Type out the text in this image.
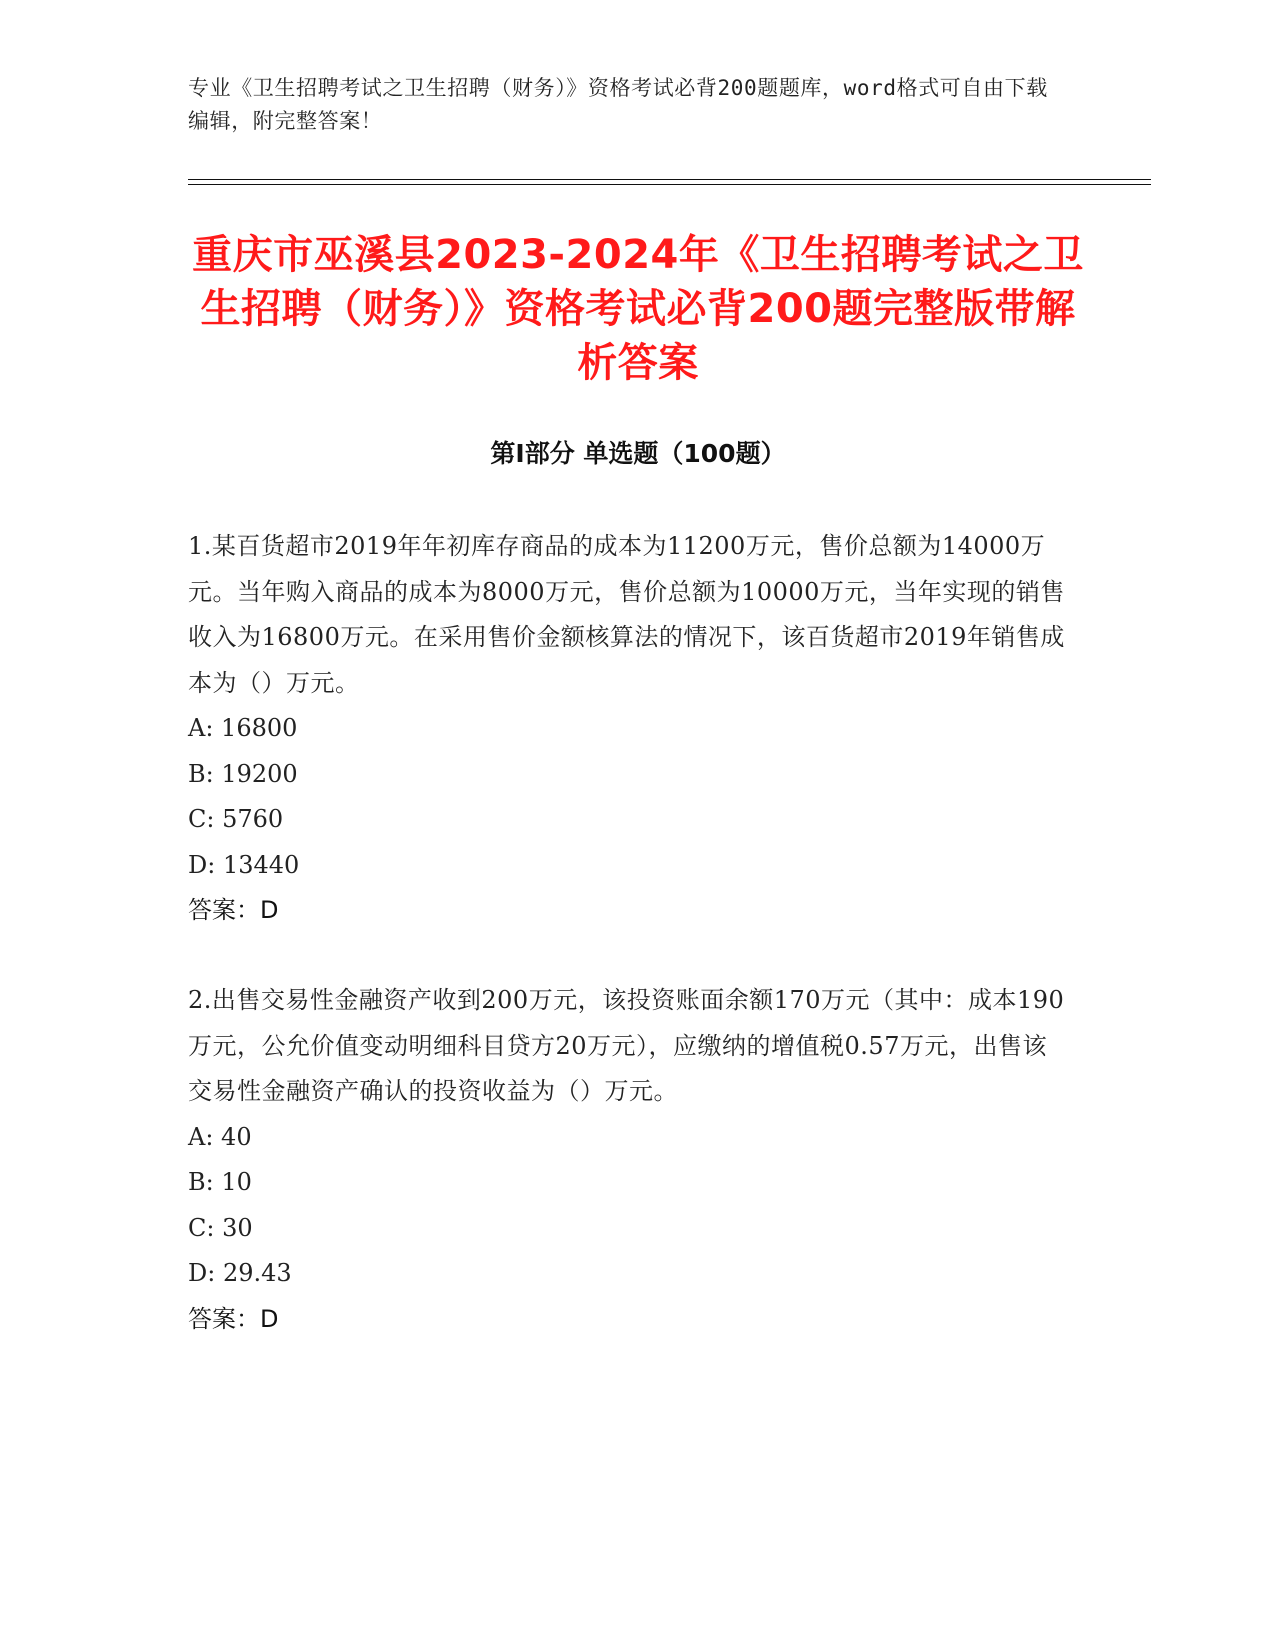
专业《卫生招聘考试之卫生招聘（财务）》资格考试必背200题题库，word格式可自由下载编辑，附完整答案！
重庆市巫溪县2023-2024年《卫生招聘考试之卫生招聘（财务）》资格考试必背200题完整版带解析答案
第Ⅰ部分 单选题（100题）

1.某百货超市2019年年初库存商品的成本为11200万元，售价总额为14000万元。当年购入商品的成本为8000万元，售价总额为10000万元，当年实现的销售收入为16800万元。在采用售价金额核算法的情况下，该百货超市2019年销售成本为（）万元。

A: 16800

B: 19200

C: 5760

D: 13440

答案：D

2.出售交易性金融资产收到200万元，该投资账面余额170万元（其中：成本190万元，公允价值变动明细科目贷方20万元），应缴纳的增值税0.57万元，出售该交易性金融资产确认的投资收益为（）万元。

A: 40

B: 10

C: 30

D: 29.43

答案：D
